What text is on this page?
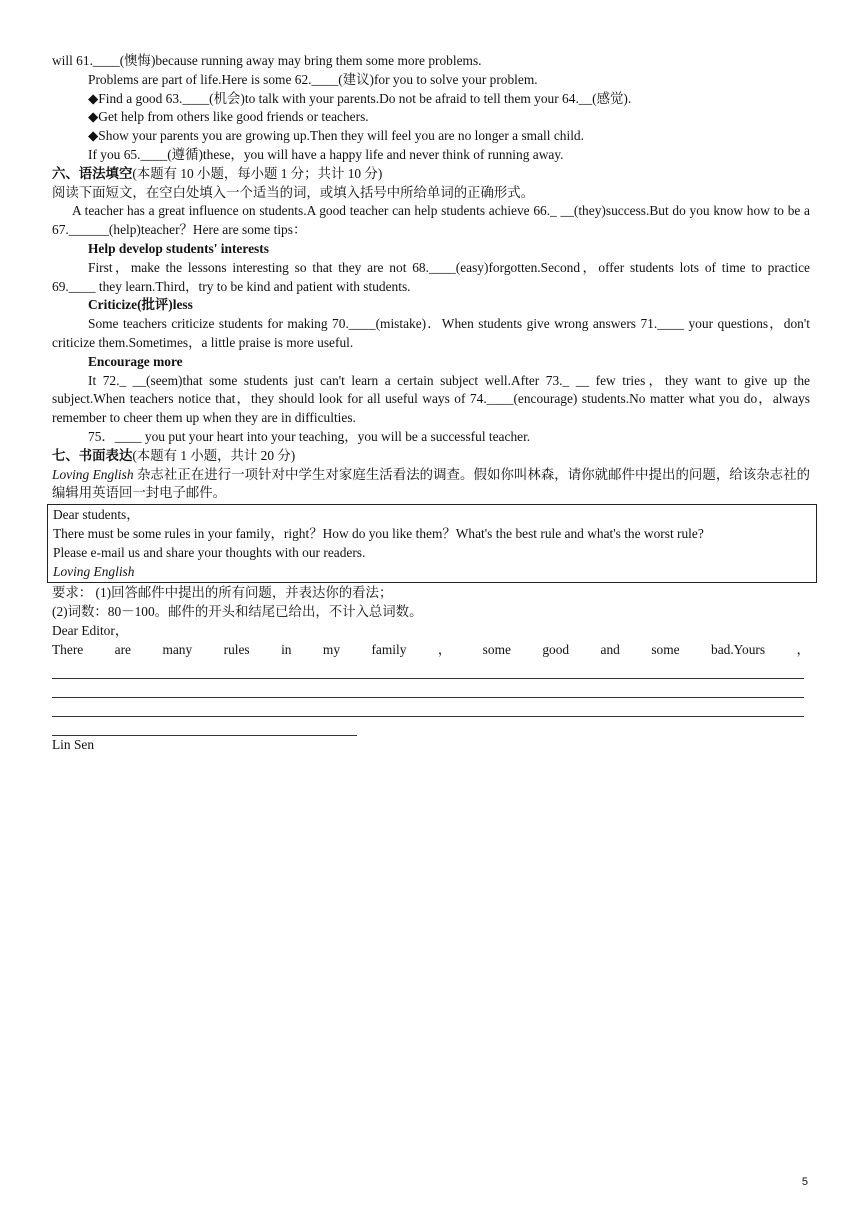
will 61.____(懊悔)because running away may bring them some more problems.
Problems are part of life.Here is some 62.____(建议)for you to solve your problem.
◆Find a good 63.____(机会)to talk with your parents.Do not be afraid to tell them your 64.__(感觉).
◆Get help from others like good friends or teachers.
◆Show your parents you are growing up.Then they will feel you are no longer a small child.
If you 65.____(遵循)these，you will have a happy life and never think of running away.
六、语法填空(本题有 10 小题，每小题 1 分；共计 10 分)
阅读下面短文，在空白处填入一个适当的词，或填入括号中所给单词的正确形式。
A teacher has a great influence on students.A good teacher can help students achieve 66._ __(they)success.But do you know how to be a 67.______(help)teacher？Here are some tips：
Help develop students' interests
First，make the lessons interesting so that they are not 68.____(easy)forgotten.Second，offer students lots of time to practice 69.____ they learn.Third，try to be kind and patient with students.
Criticize(批评)less
Some teachers criticize students for making 70.____(mistake)．When students give wrong answers 71.____ your questions，don't criticize them.Sometimes，a little praise is more useful.
Encourage more
It 72._ __(seem)that some students just can't learn a certain subject well.After 73._ __ few tries，they want to give up the subject.When teachers notice that，they should look for all useful ways of 74.____(encourage) students.No matter what you do，always remember to cheer them up when they are in difficulties.
75．____ you put your heart into your teaching，you will be a successful teacher.
七、书面表达(本题有 1 小题，共计 20 分)
Loving English 杂志社正在进行一项针对中学生对家庭生活看法的调查。假如你叫林森，请你就邮件中提出的问题，给该杂志社的编辑用英语回一封电子邮件。
Dear students，
There must be some rules in your family，right？How do you like them？What's the best rule and what's the worst rule?
Please e-mail us and share your thoughts with our readers.
Loving English
要求： (1)回答邮件中提出的所有问题，并表达你的看法；
(2)词数：80－100。邮件的开头和结尾已给出，不计入总词数。
Dear Editor，
There are many rules in my family ， some good and some bad.Yours ，
Lin Sen
5
